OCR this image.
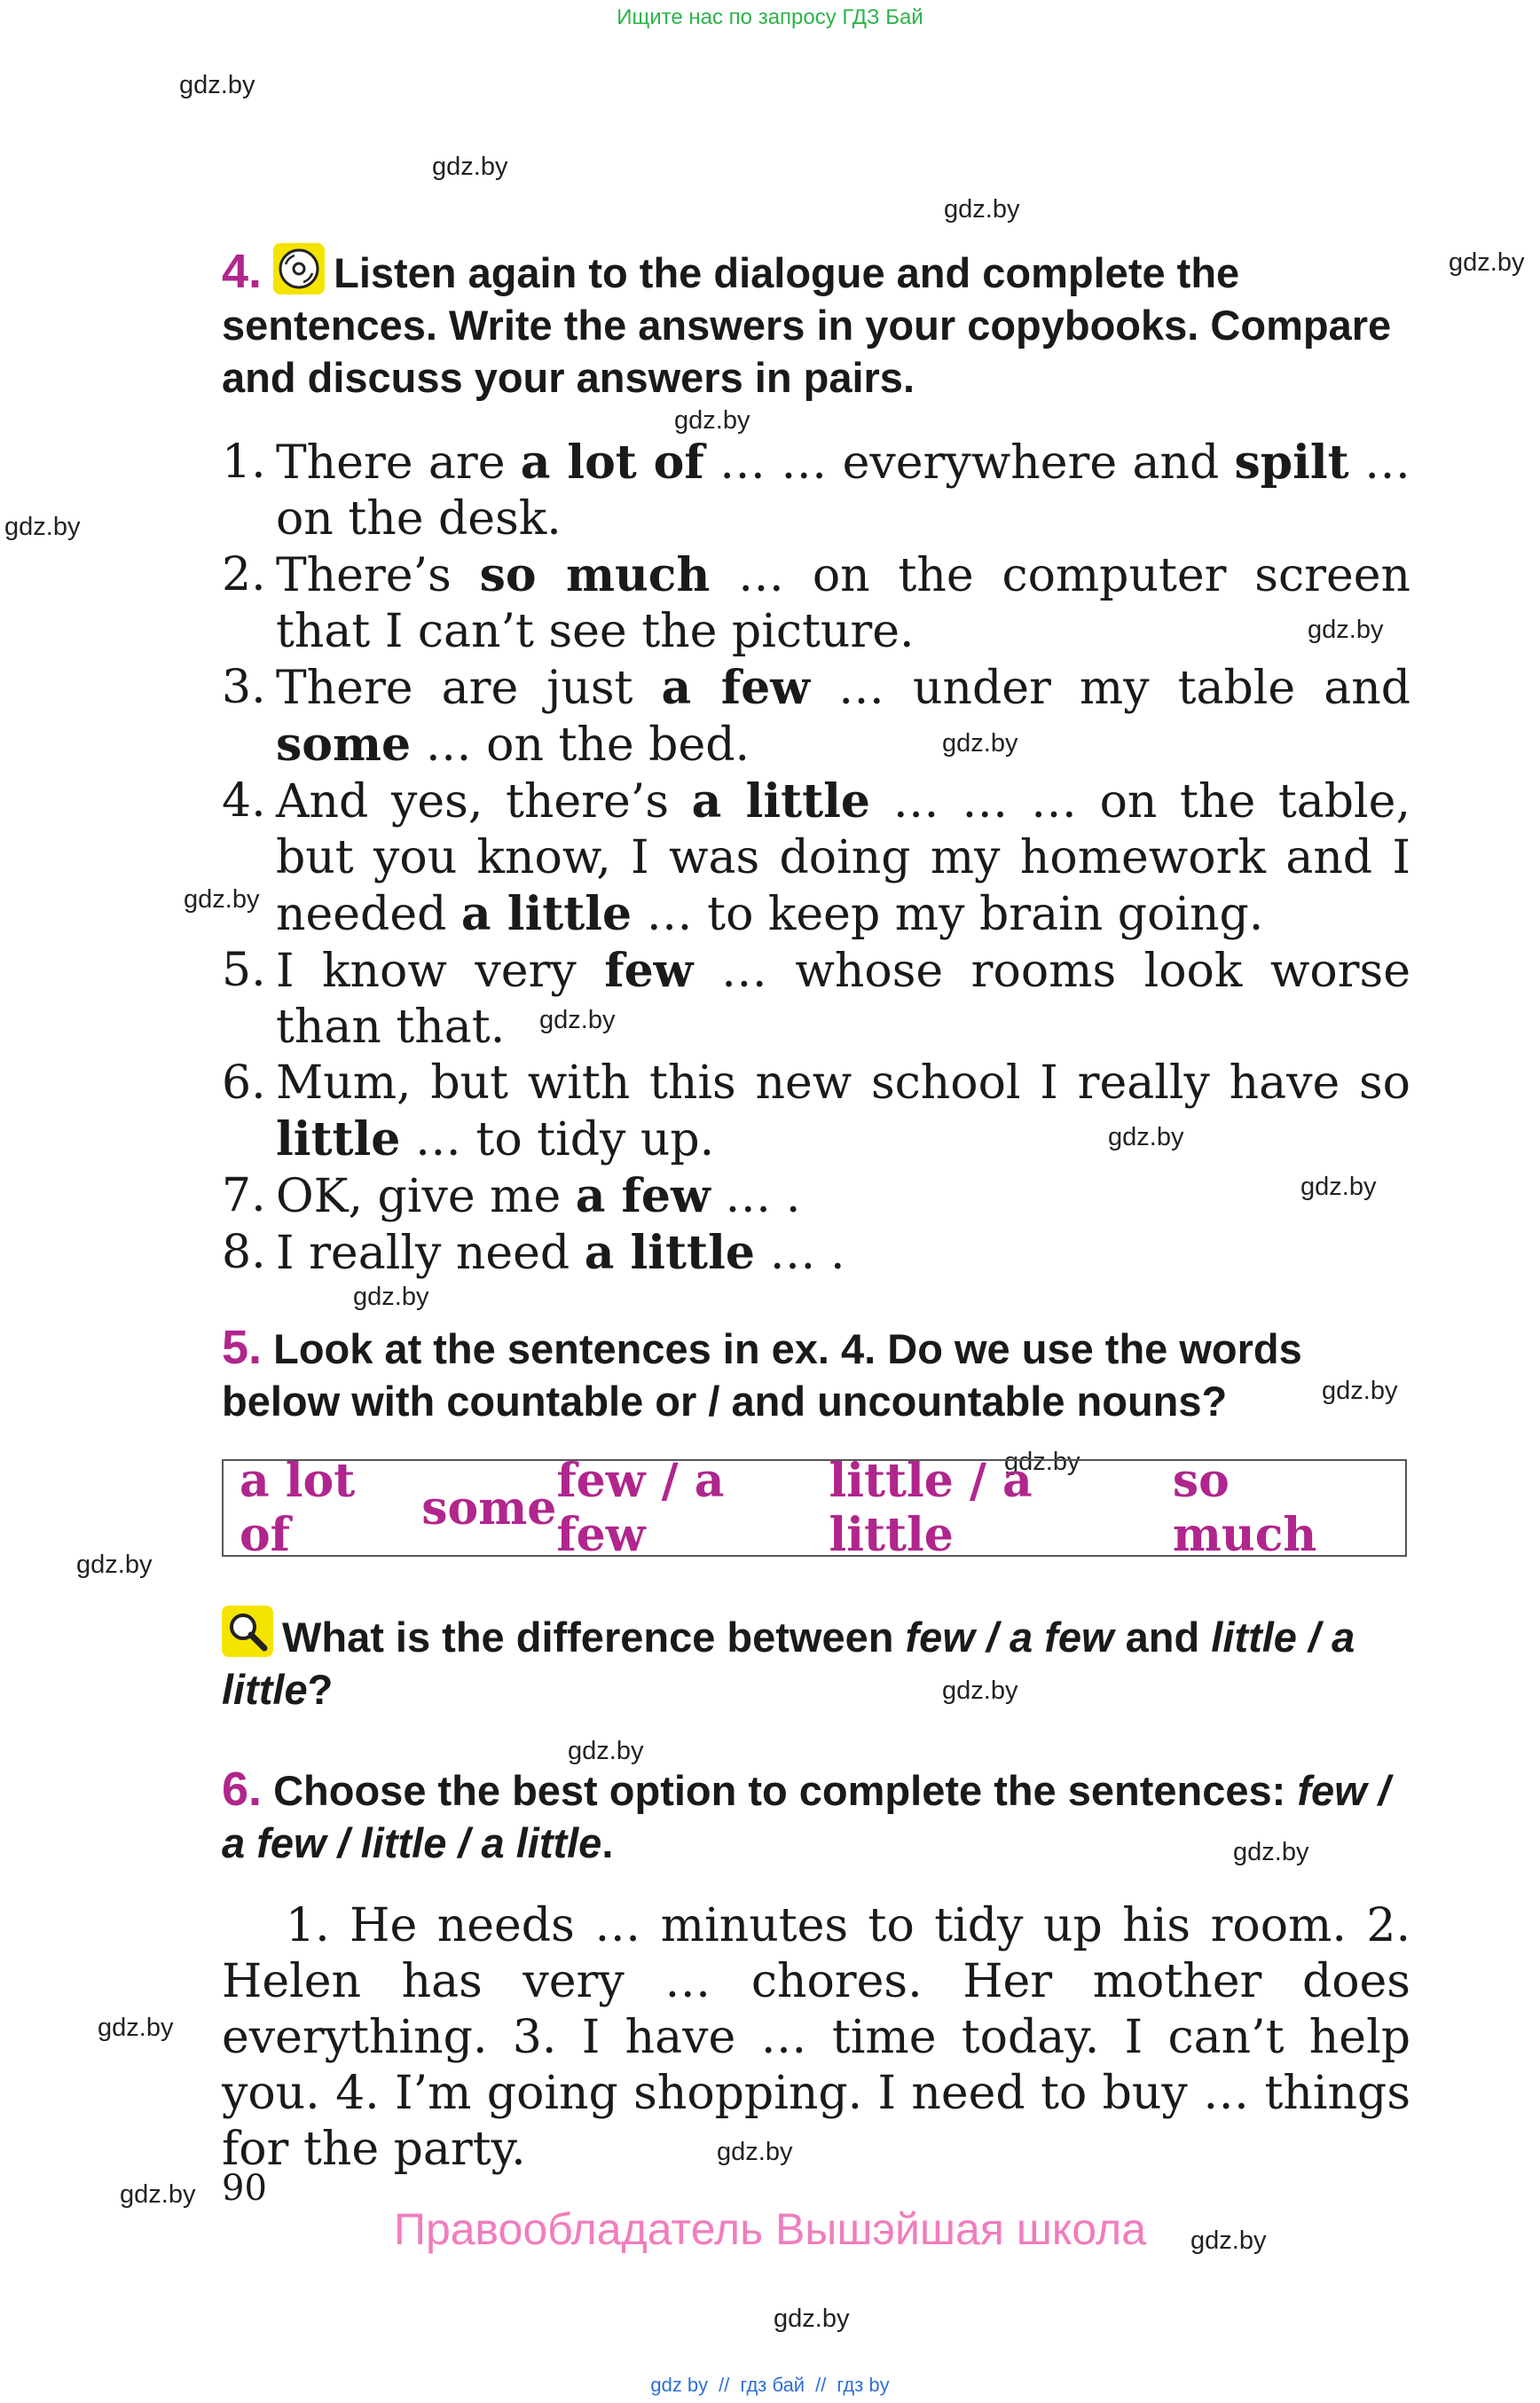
Ищите нас по запросу ГДЗ Бай
gdz.by
gdz.by
gdz.by
gdz.by
gdz.by
gdz.by
gdz.by
gdz.by
gdz.by
gdz.by
gdz.by
gdz.by
gdz.by
gdz.by
gdz.by
gdz.by
gdz.by
gdz.by
gdz.by
gdz.by
gdz.by
gdz.by
gdz.by
gdz.by
4. Listen again to the dialogue and complete the sentences. Write the answers in your copybooks. Compare and discuss your answers in pairs.
1. There are a lot of … … everywhere and spilt … on the desk.
2. There’s so much … on the computer screen that I can’t see the picture.
3. There are just a few … under my table and some … on the bed.
4. And yes, there’s a little … … … on the table, but you know, I was doing my homework and I needed a little … to keep my brain going.
5. I know very few … whose rooms look worse than that.
6. Mum, but with this new school I really have so little … to tidy up.
7. OK, give me a few … .
8. I really need a little … .
5. Look at the sentences in ex. 4. Do we use the words below with countable or / and uncountable nouns?
a lot of	some few / a few
little / a little
so much
What is the difference between few / a few and little / a little?
6. Choose the best option to complete the sentences: few / a few / little / a little.

1. He needs … minutes to tidy up his room. 2. Helen has very … chores. Her mother does everything. 3. I have … time today. I can’t help you. 4. I’m going shopping. I need to buy … things for the party.

90
Правообладатель Вышэйшая школа
gdz by // гдз бай // гдз by
